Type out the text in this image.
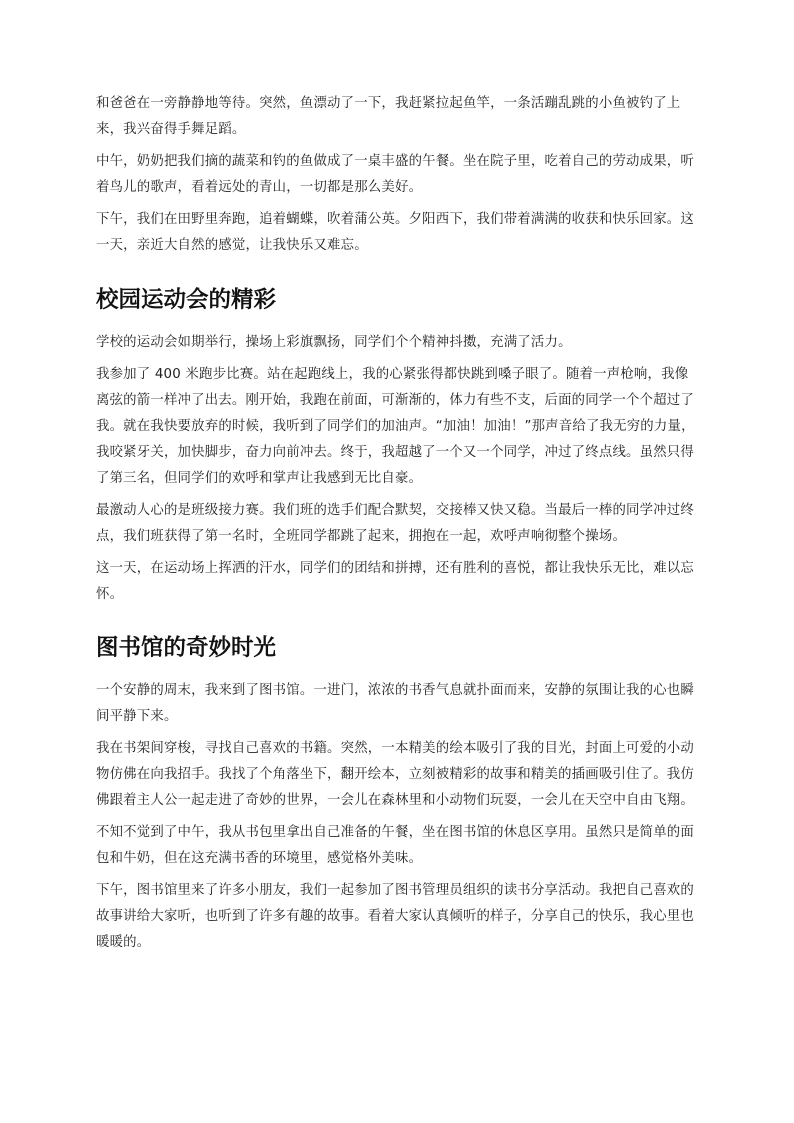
和爸爸在一旁静静地等待。突然，鱼漂动了一下，我赶紧拉起鱼竿，一条活蹦乱跳的小鱼被钓了上来，我兴奋得手舞足蹈。

中午，奶奶把我们摘的蔬菜和钓的鱼做成了一桌丰盛的午餐。坐在院子里，吃着自己的劳动成果，听着鸟儿的歌声，看着远处的青山，一切都是那么美好。

下午，我们在田野里奔跑，追着蝴蝶，吹着蒲公英。夕阳西下，我们带着满满的收获和快乐回家。这一天，亲近大自然的感觉，让我快乐又难忘。

校园运动会的精彩

学校的运动会如期举行，操场上彩旗飘扬，同学们个个精神抖擞，充满了活力。

我参加了 400 米跑步比赛。站在起跑线上，我的心紧张得都快跳到嗓子眼了。随着一声枪响，我像离弦的箭一样冲了出去。刚开始，我跑在前面，可渐渐的，体力有些不支，后面的同学一个个超过了我。就在我快要放弃的时候，我听到了同学们的加油声。“加油！加油！”那声音给了我无穷的力量，我咬紧牙关，加快脚步，奋力向前冲去。终于，我超越了一个又一个同学，冲过了终点线。虽然只得了第三名，但同学们的欢呼和掌声让我感到无比自豪。

最激动人心的是班级接力赛。我们班的选手们配合默契，交接棒又快又稳。当最后一棒的同学冲过终点，我们班获得了第一名时，全班同学都跳了起来，拥抱在一起，欢呼声响彻整个操场。

这一天，在运动场上挥洒的汗水，同学们的团结和拼搏，还有胜利的喜悦，都让我快乐无比，难以忘怀。

图书馆的奇妙时光

一个安静的周末，我来到了图书馆。一进门，浓浓的书香气息就扑面而来，安静的氛围让我的心也瞬间平静下来。

我在书架间穿梭，寻找自己喜欢的书籍。突然，一本精美的绘本吸引了我的目光，封面上可爱的小动物仿佛在向我招手。我找了个角落坐下，翻开绘本，立刻被精彩的故事和精美的插画吸引住了。我仿佛跟着主人公一起走进了奇妙的世界，一会儿在森林里和小动物们玩耍，一会儿在天空中自由飞翔。

不知不觉到了中午，我从书包里拿出自己准备的午餐，坐在图书馆的休息区享用。虽然只是简单的面包和牛奶，但在这充满书香的环境里，感觉格外美味。

下午，图书馆里来了许多小朋友，我们一起参加了图书管理员组织的读书分享活动。我把自己喜欢的故事讲给大家听，也听到了许多有趣的故事。看着大家认真倾听的样子，分享自己的快乐，我心里也暖暖的。
